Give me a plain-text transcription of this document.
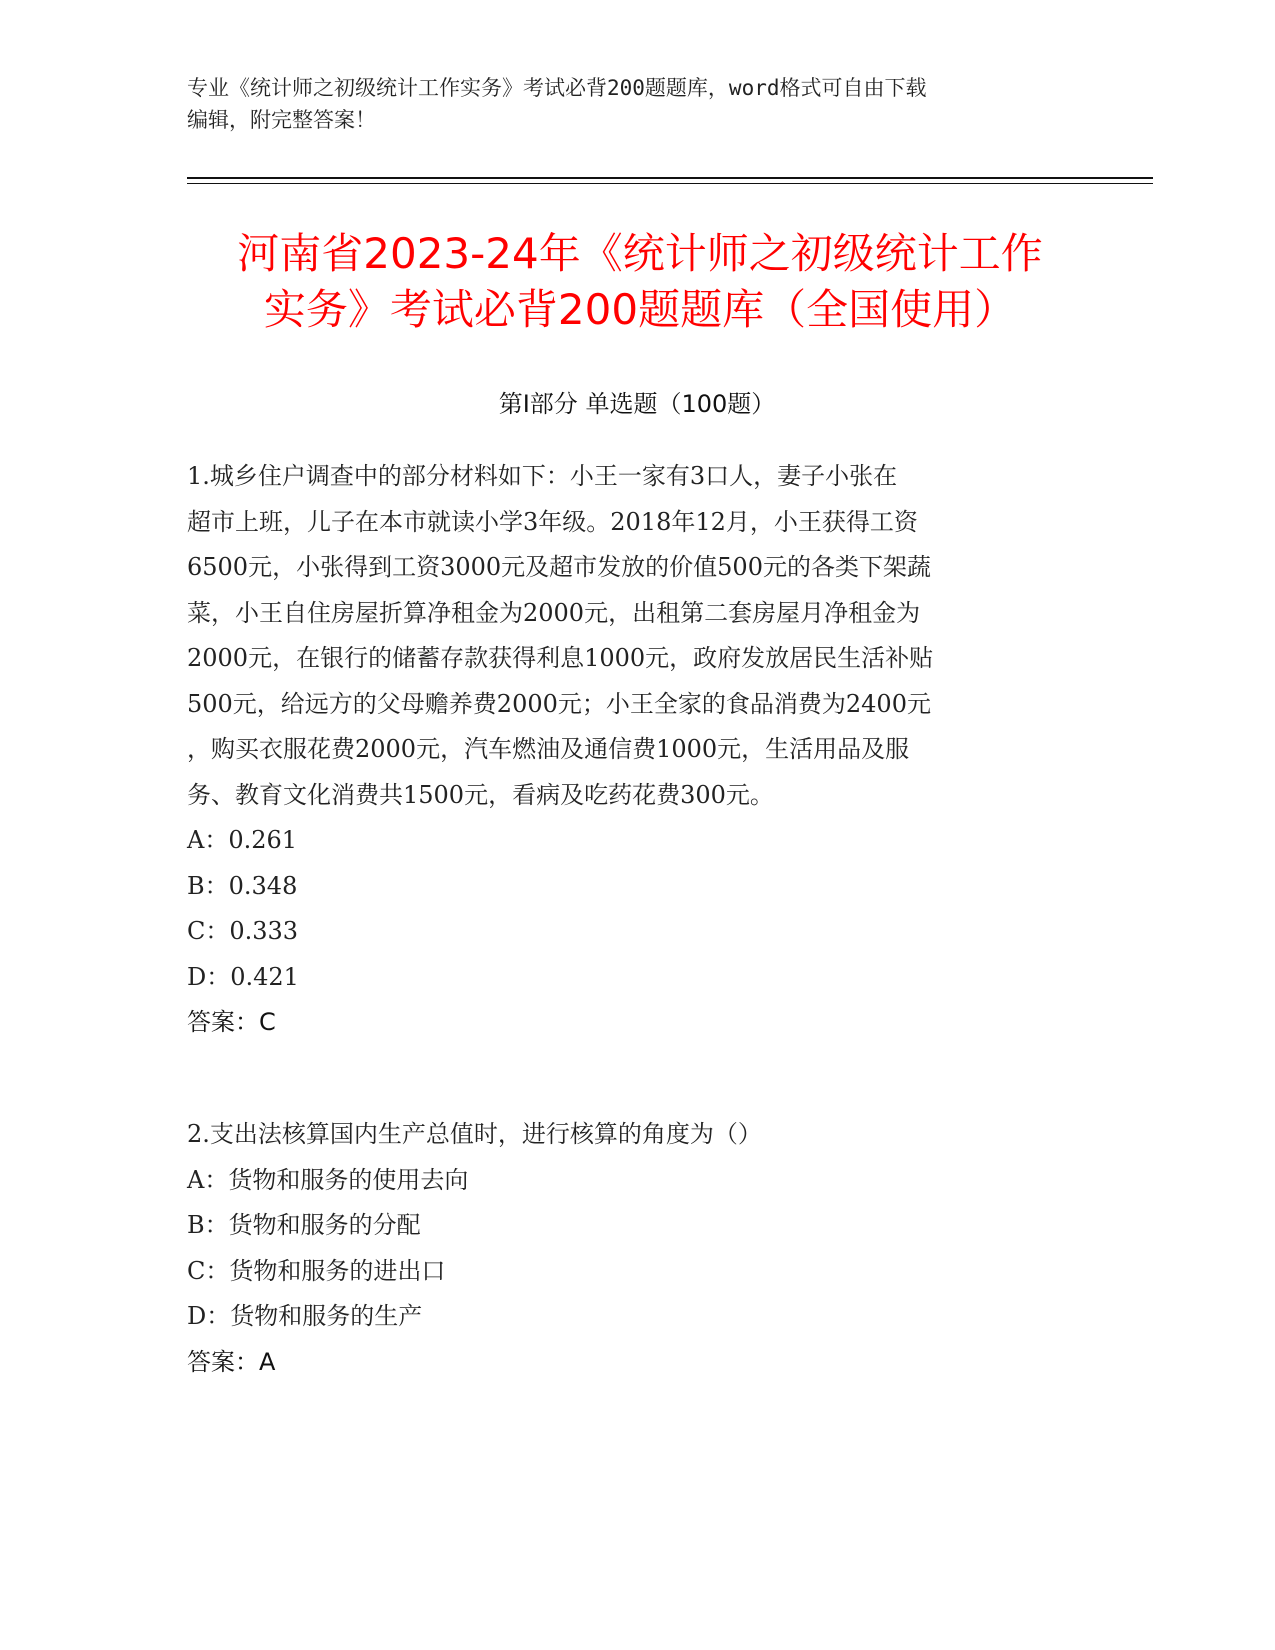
专业《统计师之初级统计工作实务》考试必背200题题库，word格式可自由下载
编辑，附完整答案！
河南省2023-24年《统计师之初级统计工作
实务》考试必背200题题库（全国使用）
第Ⅰ部分 单选题（100题）

1.城乡住户调查中的部分材料如下：小王一家有3口人，妻子小张在

超市上班，儿子在本市就读小学3年级。2018年12月，小王获得工资

6500元，小张得到工资3000元及超市发放的价值500元的各类下架蔬

菜，小王自住房屋折算净租金为2000元，出租第二套房屋月净租金为

2000元，在银行的储蓄存款获得利息1000元，政府发放居民生活补贴

500元，给远方的父母赡养费2000元；小王全家的食品消费为2400元

，购买衣服花费2000元，汽车燃油及通信费1000元，生活用品及服

务、教育文化消费共1500元，看病及吃药花费300元。

A：0.261

B：0.348

C：0.333

D：0.421

答案：C

2.支出法核算国内生产总值时，进行核算的角度为（）

A：货物和服务的使用去向

B：货物和服务的分配

C：货物和服务的进出口

D：货物和服务的生产

答案：A
